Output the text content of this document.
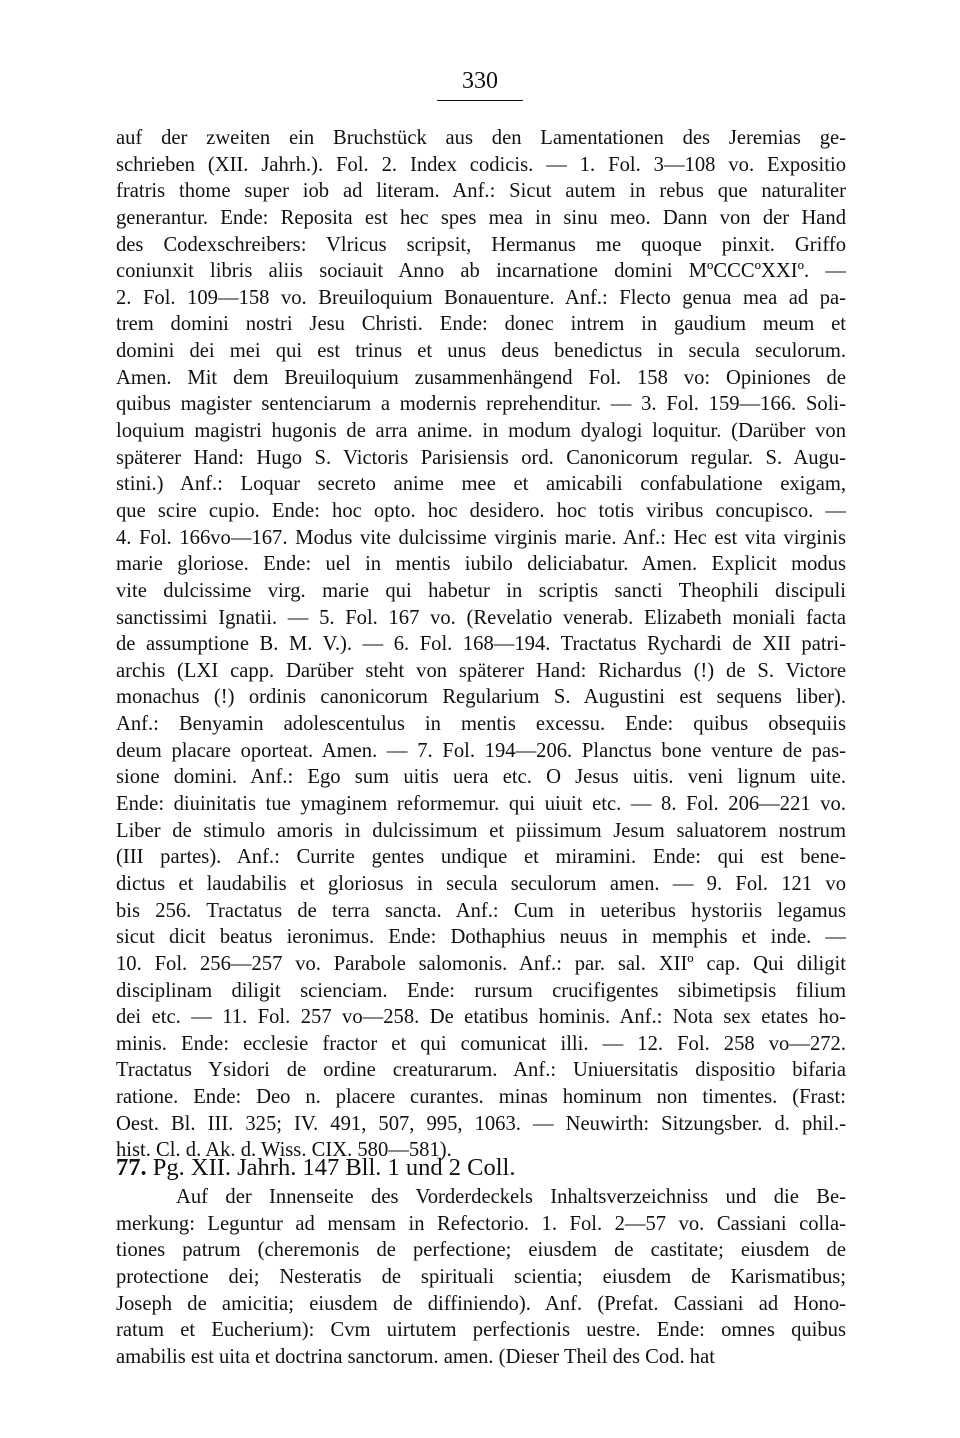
330
auf der zweiten ein Bruchstück aus den Lamentationen des Jeremias ge-
schrieben (XII. Jahrh.). Fol. 2. Index codicis. — 1. Fol. 3—108 vo. Expositio
fratris thome super iob ad literam. Anf.: Sicut autem in rebus que naturaliter
generantur. Ende: Reposita est hec spes mea in sinu meo. Dann von der Hand
des Codexschreibers: Vlricus scripsit, Hermanus me quoque pinxit. Griffo
coniunxit libris aliis sociauit Anno ab incarnatione domini MºCCCºXXIº. —
2. Fol. 109—158 vo. Breuiloquium Bonauenture. Anf.: Flecto genua mea ad pa-
trem domini nostri Jesu Christi. Ende: donec intrem in gaudium meum et
domini dei mei qui est trinus et unus deus benedictus in secula seculorum.
Amen. Mit dem Breuiloquium zusammenhängend Fol. 158 vo: Opiniones de
quibus magister sentenciarum a modernis reprehenditur. — 3. Fol. 159—166. Soli-
loquium magistri hugonis de arra anime. in modum dyalogi loquitur. (Darüber von
späterer Hand: Hugo S. Victoris Parisiensis ord. Canonicorum regular. S. Augu-
stini.) Anf.: Loquar secreto anime mee et amicabili confabulatione exigam,
que scire cupio. Ende: hoc opto. hoc desidero. hoc totis viribus concupisco. —
4. Fol. 166vo—167. Modus vite dulcissime virginis marie. Anf.: Hec est vita virginis
marie gloriose. Ende: uel in mentis iubilo deliciabatur. Amen. Explicit modus
vite dulcissime virg. marie qui habetur in scriptis sancti Theophili discipuli
sanctissimi Ignatii. — 5. Fol. 167 vo. (Revelatio venerab. Elizabeth moniali facta
de assumptione B. M. V.). — 6. Fol. 168—194. Tractatus Rychardi de XII patri-
archis (LXI capp. Darüber steht von späterer Hand: Richardus (!) de S. Victore
monachus (!) ordinis canonicorum Regularium S. Augustini est sequens liber).
Anf.: Benyamin adolescentulus in mentis excessu. Ende: quibus obsequiis
deum placare oporteat. Amen. — 7. Fol. 194—206. Planctus bone venture de pas-
sione domini. Anf.: Ego sum uitis uera etc. O Jesus uitis. veni lignum uite.
Ende: diuinitatis tue ymaginem reformemur. qui uiuit etc. — 8. Fol. 206—221 vo.
Liber de stimulo amoris in dulcissimum et piissimum Jesum saluatorem nostrum
(III partes). Anf.: Currite gentes undique et miramini. Ende: qui est bene-
dictus et laudabilis et gloriosus in secula seculorum amen. — 9. Fol. 121 vo
bis 256. Tractatus de terra sancta. Anf.: Cum in ueteribus hystoriis legamus
sicut dicit beatus ieronimus. Ende: Dothaphius neuus in memphis et inde. —
10. Fol. 256—257 vo. Parabole salomonis. Anf.: par. sal. XIIº cap. Qui diligit
disciplinam diligit scienciam. Ende: rursum crucifigentes sibimetipsis filium
dei etc. — 11. Fol. 257 vo—258. De etatibus hominis. Anf.: Nota sex etates ho-
minis. Ende: ecclesie fractor et qui comunicat illi. — 12. Fol. 258 vo—272.
Tractatus Ysidori de ordine creaturarum. Anf.: Uniuersitatis dispositio bifaria
ratione. Ende: Deo n. placere curantes. minas hominum non timentes. (Frast:
Oest. Bl. III. 325; IV. 491, 507, 995, 1063. — Neuwirth: Sitzungsber. d. phil.-
hist. Cl. d. Ak. d. Wiss. CIX. 580—581).
77. Pg. XII. Jahrh. 147 Bll. 1 und 2 Coll.
Auf der Innenseite des Vorderdeckels Inhaltsverzeichniss und die Be-
merkung: Leguntur ad mensam in Refectorio. 1. Fol. 2—57 vo. Cassiani colla-
tiones patrum (cheremonis de perfectione; eiusdem de castitate; eiusdem de
protectione dei; Nesteratis de spirituali scientia; eiusdem de Karismatibus;
Joseph de amicitia; eiusdem de diffiniendo). Anf. (Prefat. Cassiani ad Hono-
ratum et Eucherium): Cvm uirtutem perfectionis uestre. Ende: omnes quibus
amabilis est uita et doctrina sanctorum. amen. (Dieser Theil des Cod. hat
